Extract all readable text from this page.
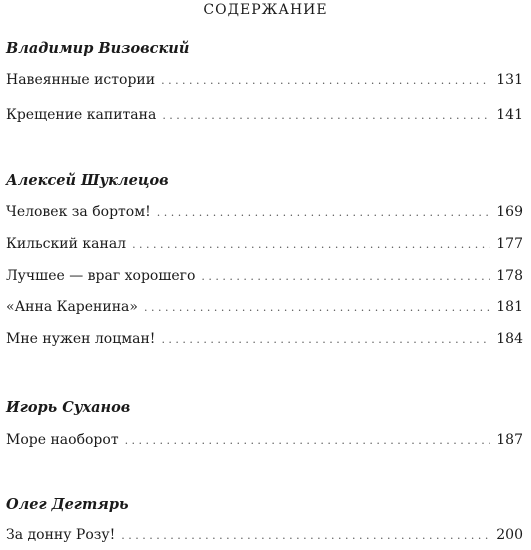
СОДЕРЖАНИЕ
Владимир Визовский
Навеянные истории . . .	131
Крещение капитана . . .	141
Алексей Шуклецов
Человек за бортом! . . .	169
Кильский канал . . .	177
Лучшее — враг хорошего . . .	178
«Анна Каренина» . . .	181
Мне нужен лоцман! . . .	184
Игорь Суханов
Море наоборот . . .	187
Олег Дегтярь
За донну Розу! . . .	200
